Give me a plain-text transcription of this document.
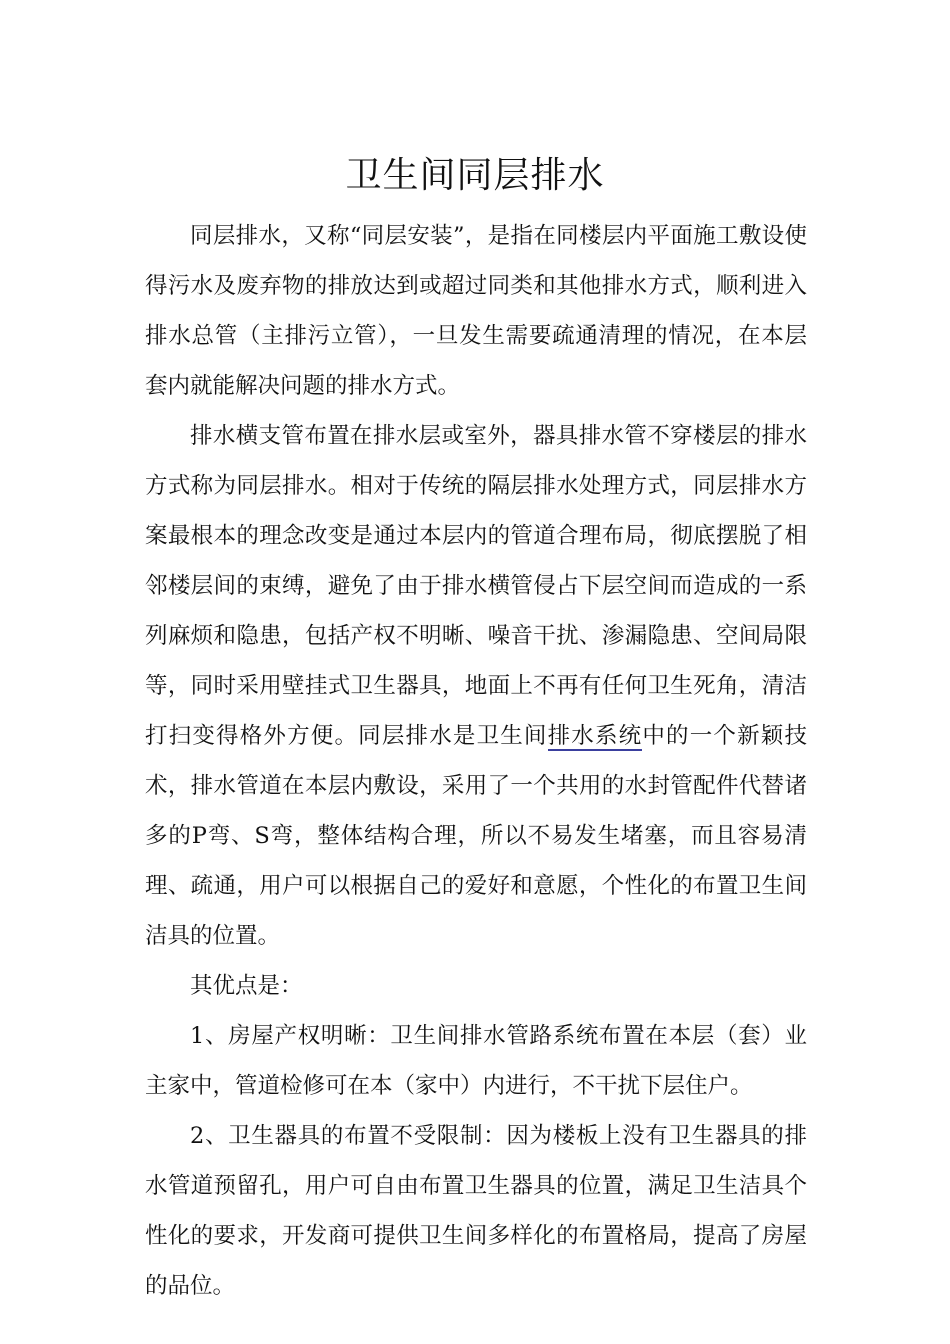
卫生间同层排水

同层排水，又称“同层安装”，是指在同楼层内平面施工敷设使得污水及废弃物的排放达到或超过同类和其他排水方式，顺利进入排水总管（主排污立管），一旦发生需要疏通清理的情况，在本层套内就能解决问题的排水方式。

排水横支管布置在排水层或室外，器具排水管不穿楼层的排水方式称为同层排水。相对于传统的隔层排水处理方式，同层排水方案最根本的理念改变是通过本层内的管道合理布局，彻底摆脱了相邻楼层间的束缚，避免了由于排水横管侵占下层空间而造成的一系列麻烦和隐患，包括产权不明晰、噪音干扰、渗漏隐患、空间局限等，同时采用壁挂式卫生器具，地面上不再有任何卫生死角，清洁打扫变得格外方便。同层排水是卫生间排水系统中的一个新颖技术，排水管道在本层内敷设，采用了一个共用的水封管配件代替诸多的P弯、S弯，整体结构合理，所以不易发生堵塞，而且容易清理、疏通，用户可以根据自己的爱好和意愿，个性化的布置卫生间洁具的位置。

其优点是：

1、房屋产权明晰：卫生间排水管路系统布置在本层（套）业主家中，管道检修可在本（家中）内进行，不干扰下层住户。

2、卫生器具的布置不受限制：因为楼板上没有卫生器具的排水管道预留孔，用户可自由布置卫生器具的位置，满足卫生洁具个性化的要求，开发商可提供卫生间多样化的布置格局，提高了房屋的品位。
